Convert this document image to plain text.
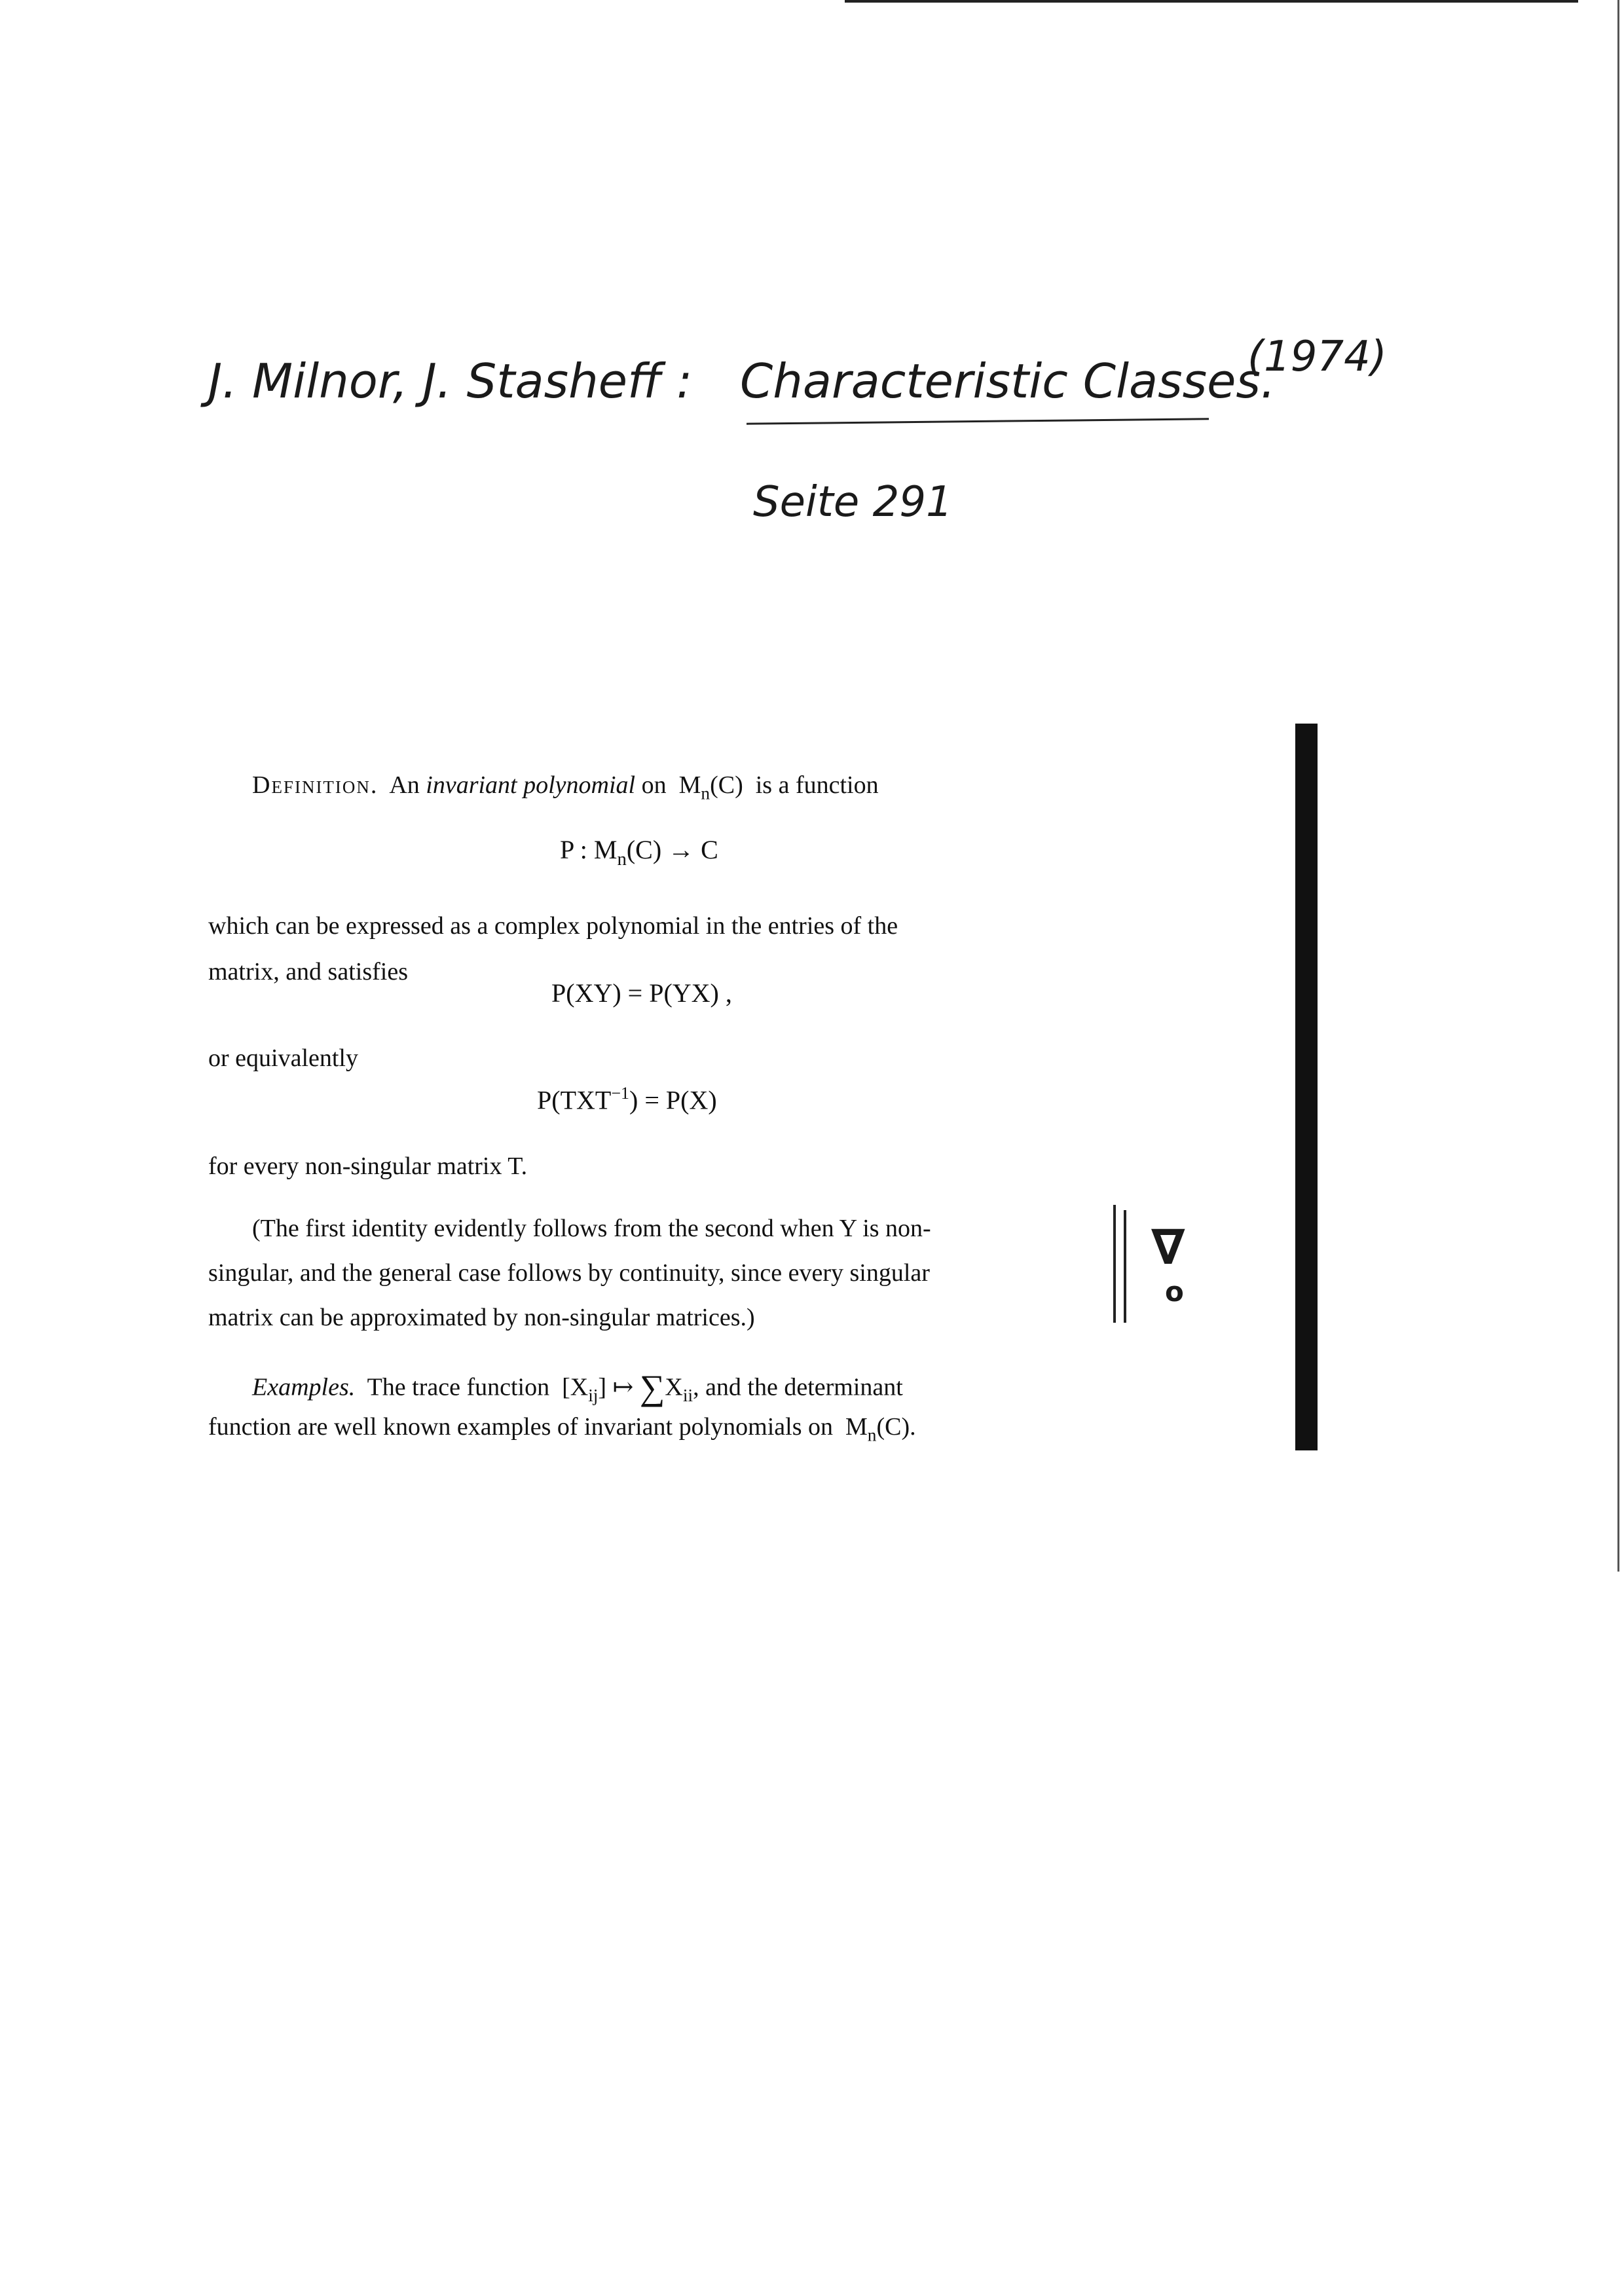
J. Milnor, J. Stasheff : Characteristic Classes.
(1974)
Seite 291
Definition. An invariant polynomial on $M_n(C)$ is a function
P : $M_n(C) \to C$
which can be expressed as a complex polynomial in the entries of the
matrix, and satisfies
P(XY) = P(YX) ,
or equivalently
$P(TXT^{-1}) = P(X)$
for every non-singular matrix T.
(The first identity evidently follows from the second when Y is non-
singular, and the general case follows by continuity, since every singular
matrix can be approximated by non-singular matrices.)
∇
o
Examples. The trace function $[X_{ij}]$ ↦ $\sum X_{ii}$, and the determinant
function are well known examples of invariant polynomials on $M_n(C)$.
